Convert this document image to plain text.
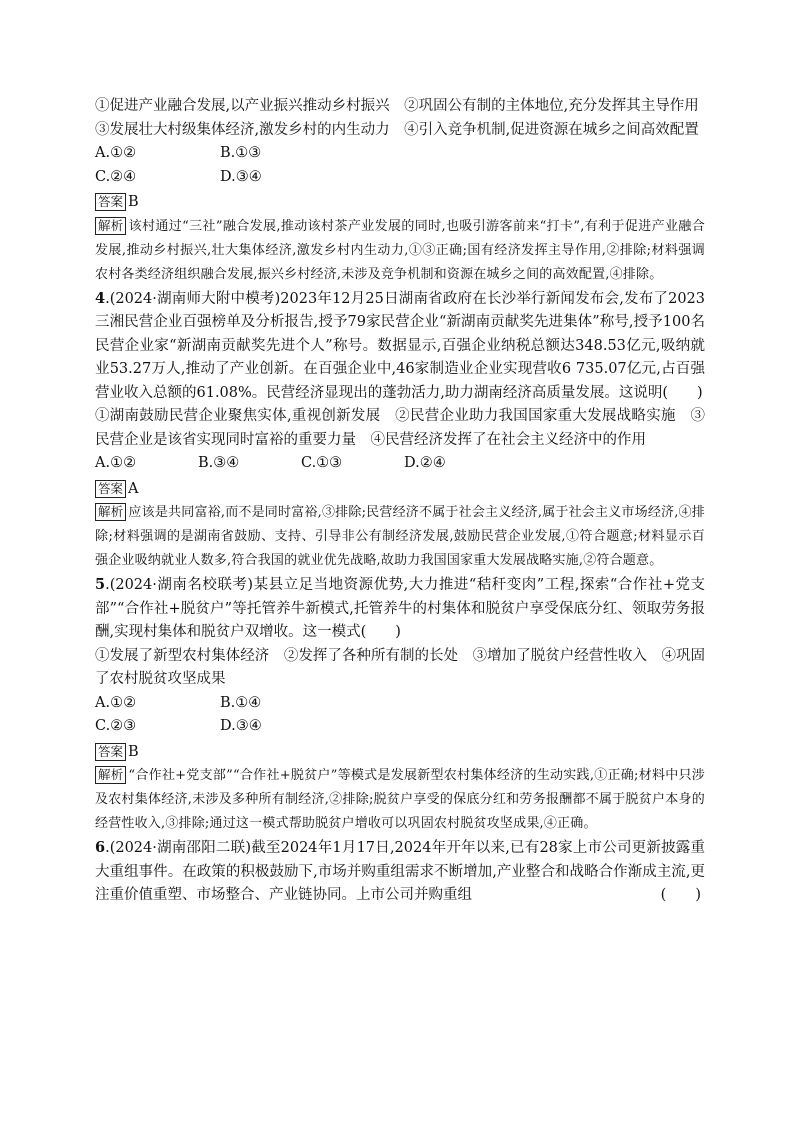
①促进产业融合发展,以产业振兴推动乡村振兴　②巩固公有制的主体地位,充分发挥其主导作用
③发展壮大村级集体经济,激发乡村的内生动力　④引入竞争机制,促进资源在城乡之间高效配置
A.①②	B.①③
C.②④	D.③④
答案 B
解析 该村通过“三社”融合发展,推动该村茶产业发展的同时,也吸引游客前来“打卡”,有利于促进产业融合发展,推动乡村振兴,壮大集体经济,激发乡村内生动力,①③正确;国有经济发挥主导作用,②排除;材料强调农村各类经济组织融合发展,振兴乡村经济,未涉及竞争机制和资源在城乡之间的高效配置,④排除。
4.(2024·湖南师大附中模考)2023年12月25日湖南省政府在长沙举行新闻发布会,发布了2023三湘民营企业百强榜单及分析报告,授予79家民营企业“新湖南贡献奖先进集体”称号,授予100名民营企业家“新湖南贡献奖先进个人”称号。数据显示,百强企业纳税总额达348.53亿元,吸纳就业53.27万人,推动了产业创新。在百强企业中,46家制造业企业实现营收6 735.07亿元,占百强营业收入总额的61.08%。民营经济显现出的蓬勃活力,助力湖南经济高质量发展。这说明(　　)
①湖南鼓励民营企业聚焦实体,重视创新发展　②民营企业助力我国国家重大发展战略实施　③民营企业是该省实现同时富裕的重要力量　④民营经济发挥了在社会主义经济中的作用
A.①②	B.③④	C.①③	D.②④
答案 A
解析 应该是共同富裕,而不是同时富裕,③排除;民营经济不属于社会主义经济,属于社会主义市场经济,④排除;材料强调的是湖南省鼓励、支持、引导非公有制经济发展,鼓励民营企业发展,①符合题意;材料显示百强企业吸纳就业人数多,符合我国的就业优先战略,故助力我国国家重大发展战略实施,②符合题意。
5.(2024·湖南名校联考)某县立足当地资源优势,大力推进“秸秆变肉”工程,探索“合作社+党支部”“合作社+脱贫户”等托管养牛新模式,托管养牛的村集体和脱贫户享受保底分红、领取劳务报酬,实现村集体和脱贫户双增收。这一模式(　　)
①发展了新型农村集体经济　②发挥了各种所有制的长处　③增加了脱贫户经营性收入　④巩固了农村脱贫攻坚成果
A.①②	B.①④
C.②③	D.③④
答案 B
解析 “合作社+党支部”“合作社+脱贫户”等模式是发展新型农村集体经济的生动实践,①正确;材料中只涉及农村集体经济,未涉及多种所有制经济,②排除;脱贫户享受的保底分红和劳务报酬都不属于脱贫户本身的经营性收入,③排除;通过这一模式帮助脱贫户增收可以巩固农村脱贫攻坚成果,④正确。
6.(2024·湖南邵阳二联)截至2024年1月17日,2024年开年以来,已有28家上市公司更新披露重大重组事件。在政策的积极鼓励下,市场并购重组需求不断增加,产业整合和战略合作渐成主流,更注重价值重塑、市场整合、产业链协同。上市公司并购重组	(　　)
